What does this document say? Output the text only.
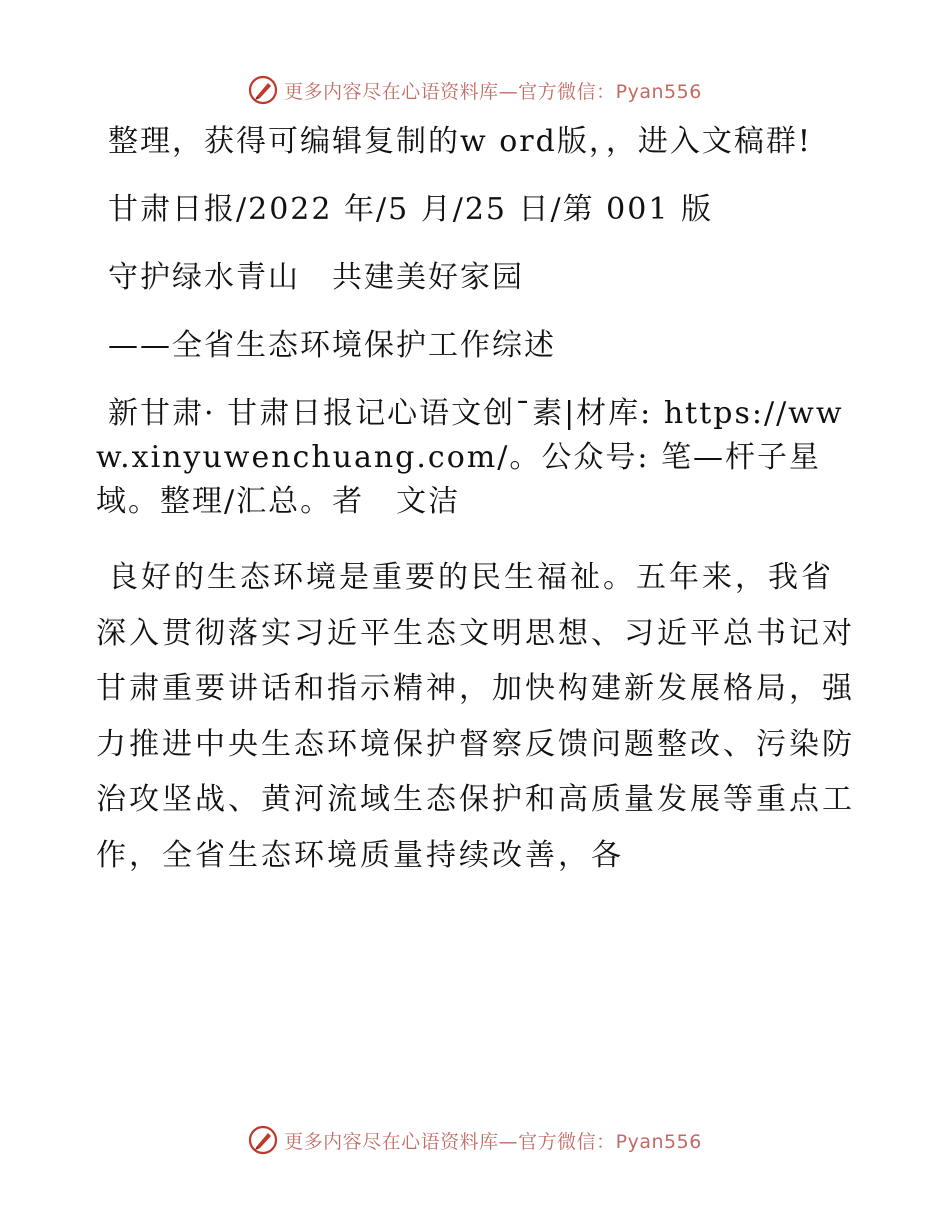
更多内容尽在心语资料库—官方微信：Pyan556

整理，获得可编辑复制的w ord版，，进入文稿群!

甘肃日报/2022 年/5 月/25 日/第 001 版

守护绿水青山　共建美好家园

——全省生态环境保护工作综述

新甘肃· 甘肃日报记心语文创¯素|材库: https://www.xinyuwenchuang.com/。公众号: 笔—杆子星域。整理/汇总。者　文洁

良好的生态环境是重要的民生福祉。五年来，我省深入贯彻落实习近平生态文明思想、习近平总书记对甘肃重要讲话和指示精神，加快构建新发展格局，强力推进中央生态环境保护督察反馈问题整改、污染防治攻坚战、黄河流域生态保护和高质量发展等重点工作，全省生态环境质量持续改善，各

更多内容尽在心语资料库—官方微信：Pyan556
